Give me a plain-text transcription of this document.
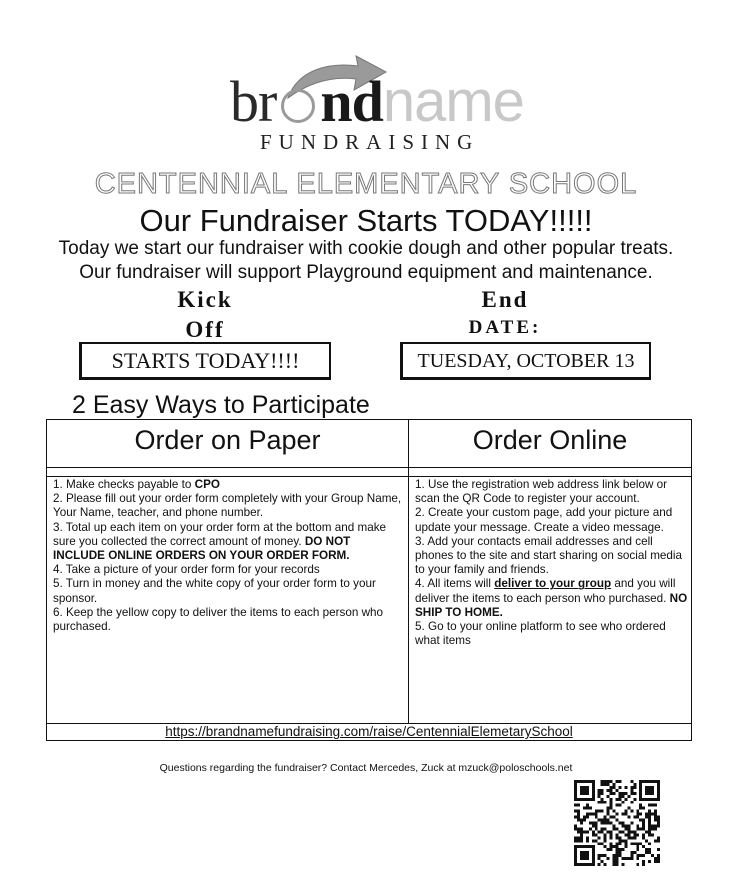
br ndname
FUNDRAISING
CENTENNIAL ELEMENTARY SCHOOL
Our Fundraiser Starts TODAY!!!!!
Today we start our fundraiser with cookie dough and other popular treats.
Our fundraiser will support Playground equipment and maintenance.
Kick
Off
End
DATE:
STARTS TODAY!!!!	TUESDAY, OCTOBER 13
2 Easy Ways to Participate
Order on Paper	Order Online
1. Make checks payable to CPO
2. Please fill out your order form completely with your Group Name, Your Name, teacher, and phone number.
3. Total up each item on your order form at the bottom and make sure you collected the correct amount of money. DO NOT INCLUDE ONLINE ORDERS ON YOUR ORDER FORM.
4. Take a picture of your order form for your records
5. Turn in money and the white copy of your order form to your sponsor.
6. Keep the yellow copy to deliver the items to each person who purchased.
1. Use the registration web address link below or scan the QR Code to register your account.
2. Create your custom page, add your picture and update your message. Create a video message.
3. Add your contacts email addresses and cell phones to the site and start sharing on social media to your family and friends.
4. All items will deliver to your group and you will deliver the items to each person who purchased. NO SHIP TO HOME.
5. Go to your online platform to see who ordered what items
https://brandnamefundraising.com/raise/CentennialElemetarySchool
Questions regarding the fundraiser? Contact Mercedes, Zuck at mzuck@poloschools.net
